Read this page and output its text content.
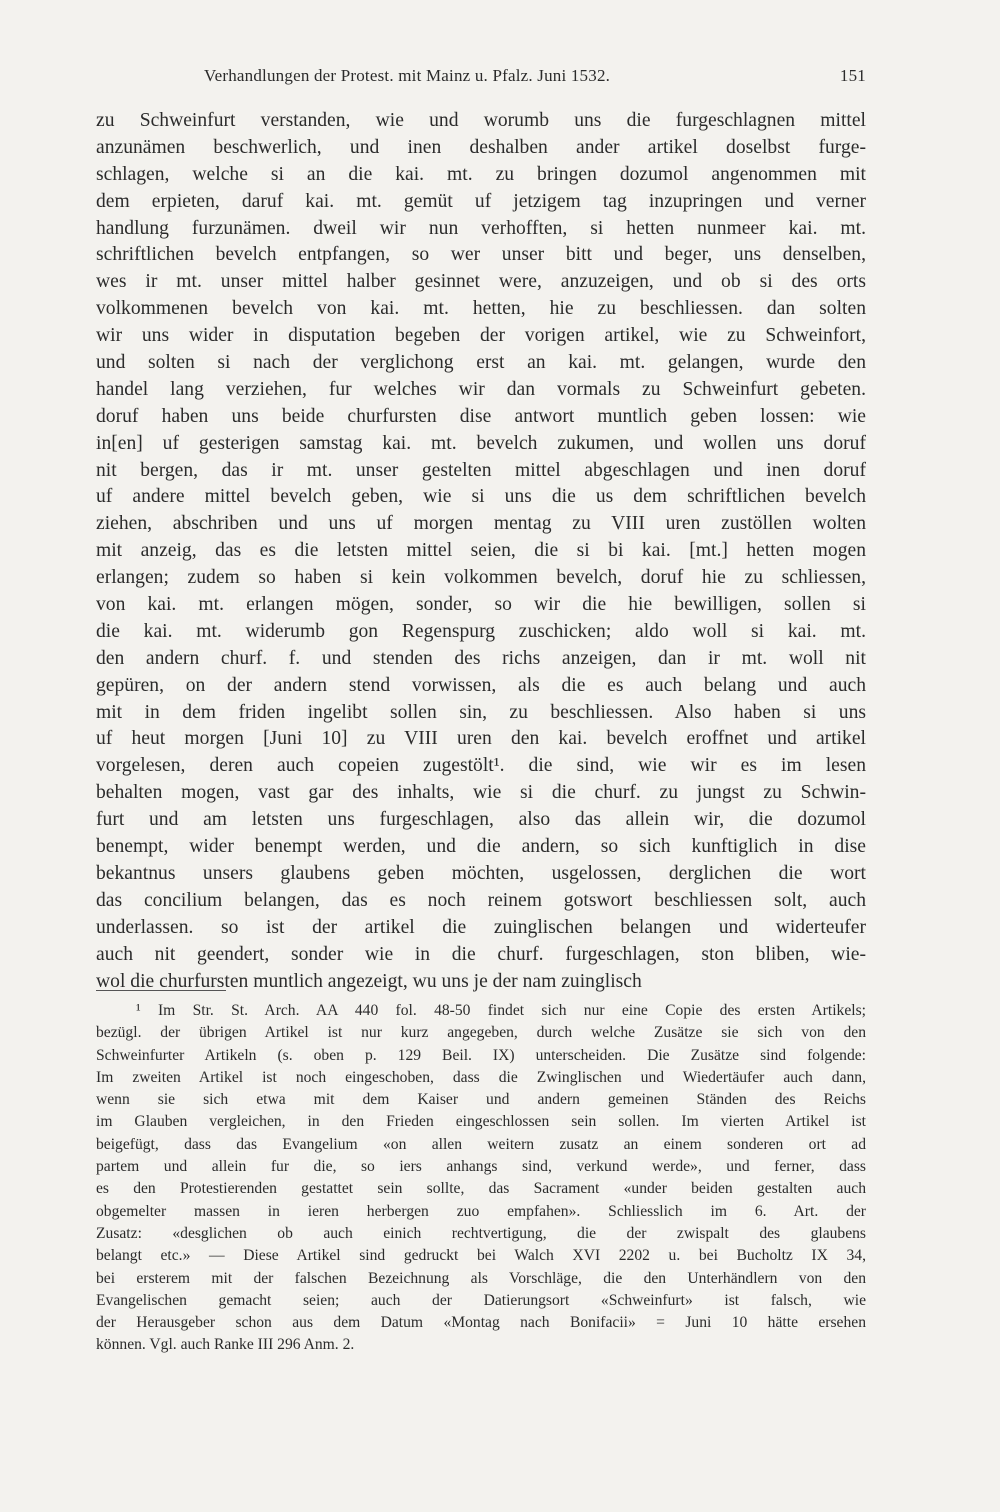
Verhandlungen der Protest. mit Mainz u. Pfalz. Juni 1532.	151
zu Schweinfurt verstanden, wie und worumb uns die furgeschlagnen mittel
anzunämen beschwerlich, und inen deshalben ander artikel doselbst furge-
schlagen, welche si an die kai. mt. zu bringen dozumol angenommen mit
dem erpieten, daruf kai. mt. gemüt uf jetzigem tag inzupringen und verner
handlung furzunämen. dweil wir nun verhofften, si hetten nunmeer kai. mt.
schriftlichen bevelch entpfangen, so wer unser bitt und beger, uns denselben,
wes ir mt. unser mittel halber gesinnet were, anzuzeigen, und ob si des orts
volkommenen bevelch von kai. mt. hetten, hie zu beschliessen. dan solten
wir uns wider in disputation begeben der vorigen artikel, wie zu Schweinfort,
und solten si nach der verglichong erst an kai. mt. gelangen, wurde den
handel lang verziehen, fur welches wir dan vormals zu Schweinfurt gebeten.
doruf haben uns beide churfursten dise antwort muntlich geben lossen: wie
in[en] uf gesterigen samstag kai. mt. bevelch zukumen, und wollen uns doruf
nit bergen, das ir mt. unser gestelten mittel abgeschlagen und inen doruf
uf andere mittel bevelch geben, wie si uns die us dem schriftlichen bevelch
ziehen, abschriben und uns uf morgen mentag zu VIII uren zustöllen wolten
mit anzeig, das es die letsten mittel seien, die si bi kai. [mt.] hetten mogen
erlangen; zudem so haben si kein volkommen bevelch, doruf hie zu schliessen,
von kai. mt. erlangen mögen, sonder, so wir die hie bewilligen, sollen si
die kai. mt. widerumb gon Regenspurg zuschicken; aldo woll si kai. mt.
den andern churf. f. und stenden des richs anzeigen, dan ir mt. woll nit
gepüren, on der andern stend vorwissen, als die es auch belang und auch
mit in dem friden ingelibt sollen sin, zu beschliessen. Also haben si uns
uf heut morgen [Juni 10] zu VIII uren den kai. bevelch eroffnet und artikel
vorgelesen, deren auch copeien zugestölt¹. die sind, wie wir es im lesen
behalten mogen, vast gar des inhalts, wie si die churf. zu jungst zu Schwin-
furt und am letsten uns furgeschlagen, also das allein wir, die dozumol
benempt, wider benempt werden, und die andern, so sich kunftiglich in dise
bekantnus unsers glaubens geben möchten, usgelossen, derglichen die wort
das concilium belangen, das es noch reinem gotswort beschliessen solt, auch
underlassen. so ist der artikel die zuinglischen belangen und widerteufer
auch nit geendert, sonder wie in die churf. furgeschlagen, ston bliben, wie-
wol die churfursten muntlich angezeigt, wu uns je der nam zuinglisch
¹ Im Str. St. Arch. AA 440 fol. 48-50 findet sich nur eine Copie des ersten Artikels;
bezügl. der übrigen Artikel ist nur kurz angegeben, durch welche Zusätze sie sich von den
Schweinfurter Artikeln (s. oben p. 129 Beil. IX) unterscheiden. Die Zusätze sind folgende:
Im zweiten Artikel ist noch eingeschoben, dass die Zwinglischen und Wiedertäufer auch dann,
wenn sie sich etwa mit dem Kaiser und andern gemeinen Ständen des Reichs
im Glauben vergleichen, in den Frieden eingeschlossen sein sollen. Im vierten Artikel ist
beigefügt, dass das Evangelium «on allen weitern zusatz an einem sonderen ort ad
partem und allein fur die, so iers anhangs sind, verkund werde», und ferner, dass
es den Protestierenden gestattet sein sollte, das Sacrament «under beiden gestalten auch
obgemelter massen in ieren herbergen zuo empfahen». Schliesslich im 6. Art. der
Zusatz: «desglichen ob auch einich rechtvertigung, die der zwispalt des glaubens
belangt etc.» — Diese Artikel sind gedruckt bei Walch XVI 2202 u. bei Bucholtz IX 34,
bei ersterem mit der falschen Bezeichnung als Vorschläge, die den Unterhändlern von den
Evangelischen gemacht seien; auch der Datierungsort «Schweinfurt» ist falsch, wie
der Herausgeber schon aus dem Datum «Montag nach Bonifacii» = Juni 10 hätte ersehen
können. Vgl. auch Ranke III 296 Anm. 2.
